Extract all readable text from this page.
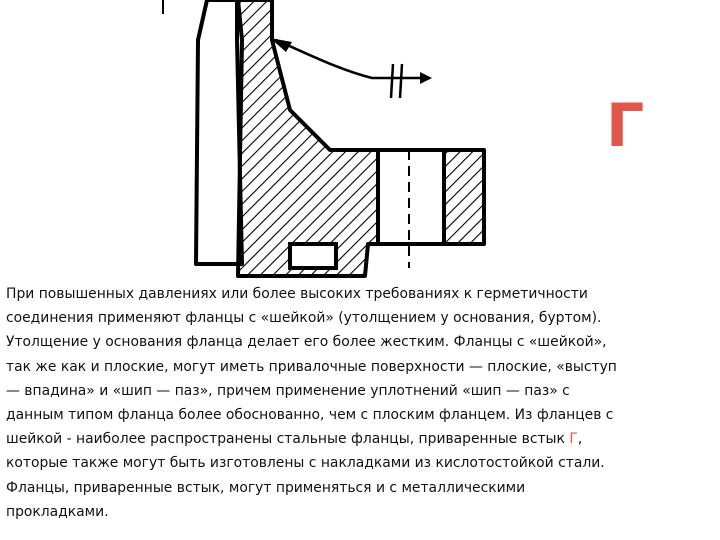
Г

При повышенных давлениях или более высоких требованиях к герметичности
соединения применяют фланцы с «шейкой» (утолщением у основания, буртом).
Утолщение у основания фланца делает его более жестким. Фланцы с «шейкой»,
так же как и плоские, могут иметь привалочные поверхности — плоские, «выступ
— впадина» и «шип — паз», причем применение уплотнений «шип — паз» с
данным типом фланца более обоснованно, чем с плоским фланцем. Из фланцев с
шейкой - наиболее распространены стальные фланцы, приваренные встык Г,
которые также могут быть изготовлены с накладками из кислотостойкой стали.
Фланцы, приваренные встык, могут применяться и с металлическими
прокладками.
